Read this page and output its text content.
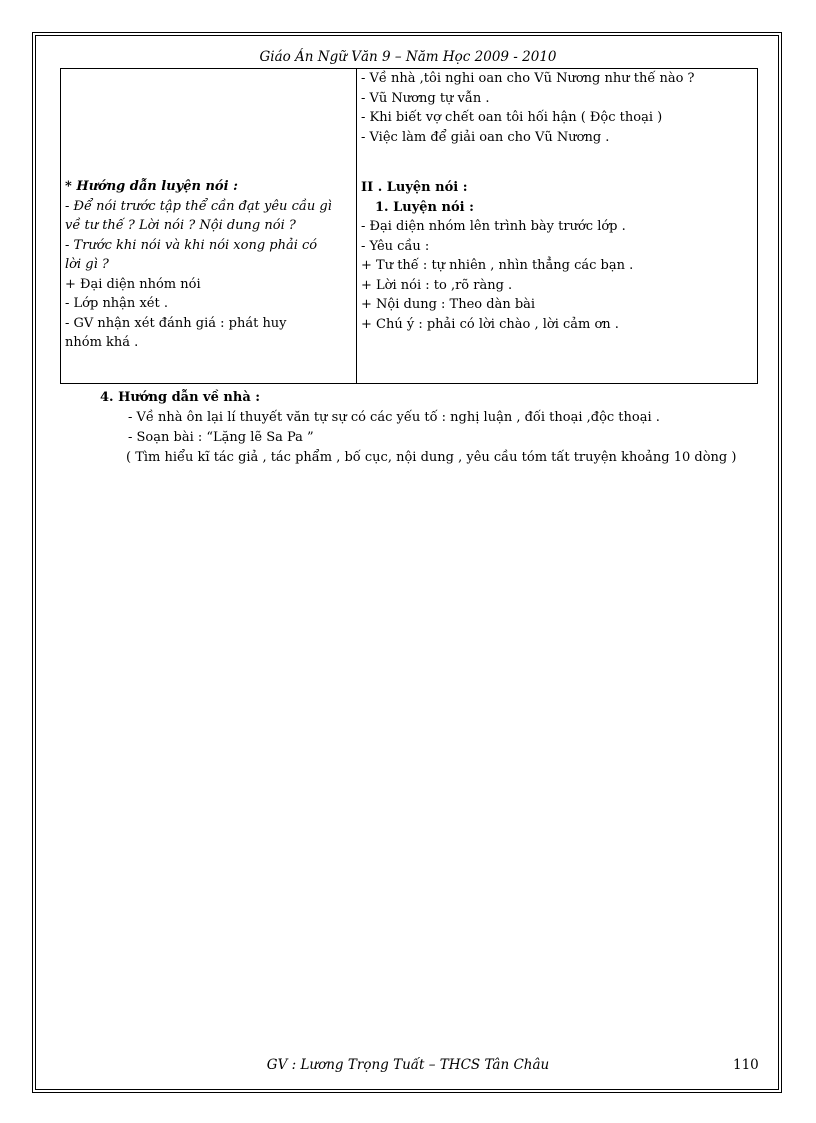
Giáo Án Ngữ Văn 9 – Năm Học 2009 - 2010
* Hướng dẫn luyện nói :
- Để nói trước tập thể cần đạt yêu cầu gì
về tư thế ? Lời nói ? Nội dung nói ?
- Trước khi nói và khi nói xong phải có
lời gì ?
+ Đại diện nhóm nói
- Lớp nhận xét .
- GV nhận xét đánh giá : phát huy
nhóm khá .

- Về nhà ,tôi nghi oan cho Vũ Nương như thế nào ?
- Vũ Nương tự vẫn .
- Khi biết vợ chết oan tôi hối hận ( Độc thoại )
- Việc làm để giải oan cho Vũ Nương .
II . Luyện nói :
1. Luyện nói :
- Đại diện nhóm lên trình bày trước lớp .
- Yêu cầu :
+ Tư thế : tự nhiên , nhìn thẳng các bạn .
+ Lời nói : to ,rõ ràng .
+ Nội dung : Theo dàn bài
+ Chú ý : phải có lời chào , lời cảm ơn .
4. Hướng dẫn về nhà :
- Về nhà ôn lại lí thuyết văn tự sự có các yếu tố : nghị luận , đối thoại ,độc thoại .
- Soạn bài : “Lặng lẽ Sa Pa ”
( Tìm hiểu kĩ tác giả , tác phẩm , bố cục, nội dung , yêu cầu tóm tất truyện khoảng 10 dòng )
GV : Lương Trọng Tuất – THCS Tân Châu	110
